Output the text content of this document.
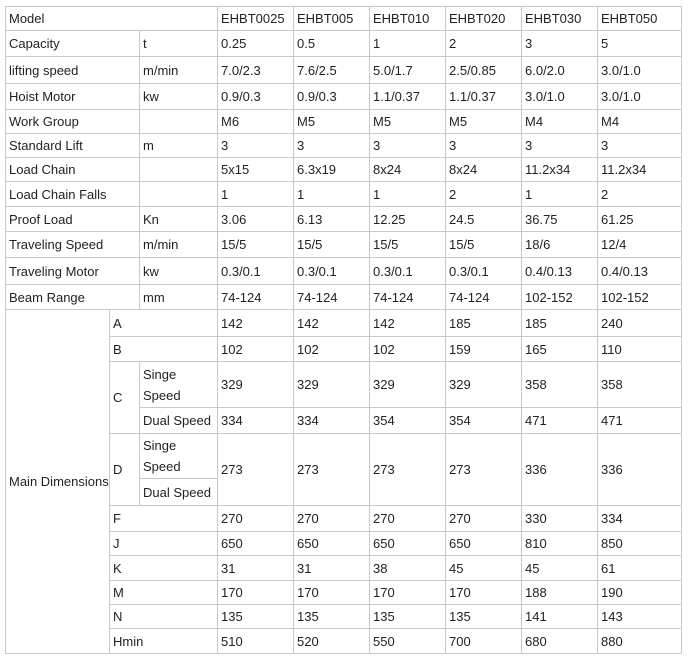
Model			EHBT0025	EHBT005	EHBT010	EHBT020	EHBT030	EHBT050
Capacity		t	0.25	0.5	1	2	3	5
lifting speed		m/min	7.0/2.3	7.6/2.5	5.0/1.7	2.5/0.85	6.0/2.0	3.0/1.0
Hoist Motor		kw	0.9/0.3	0.9/0.3	1.1/0.37	1.1/0.37	3.0/1.0	3.0/1.0
Work Group			M6	M5	M5	M5	M4	M4
Standard Lift		m	3	3	3	3	3	3
Load Chain			5x15	6.3x19	8x24	8x24	11.2x34	11.2x34
Load Chain Falls			1	1	1	2	1	2
Proof Load		Kn	3.06	6.13	12.25	24.5	36.75	61.25
Traveling Speed		m/min	15/5	15/5	15/5	15/5	18/6	12/4
Traveling Motor		kw	0.3/0.1	0.3/0.1	0.3/0.1	0.3/0.1	0.4/0.13	0.4/0.13
Beam Range		mm	74-124	74-124	74-124	74-124	102-152	102-152
Main Dimensions	A		142	142	142	185	185	240
	B		102	102	102	159	165	110
	C	Singe Speed	329	329	329	329	358	358
		Dual Speed	334	334	354	354	471	471
	D	Singe Speed	273	273	273	273	336	336
		Dual Speed						
	F		270	270	270	270	330	334
	J		650	650	650	650	810	850
	K		31	31	38	45	45	61
	M		170	170	170	170	188	190
	N		135	135	135	135	141	143
	Hmin		510	520	550	700	680	880
